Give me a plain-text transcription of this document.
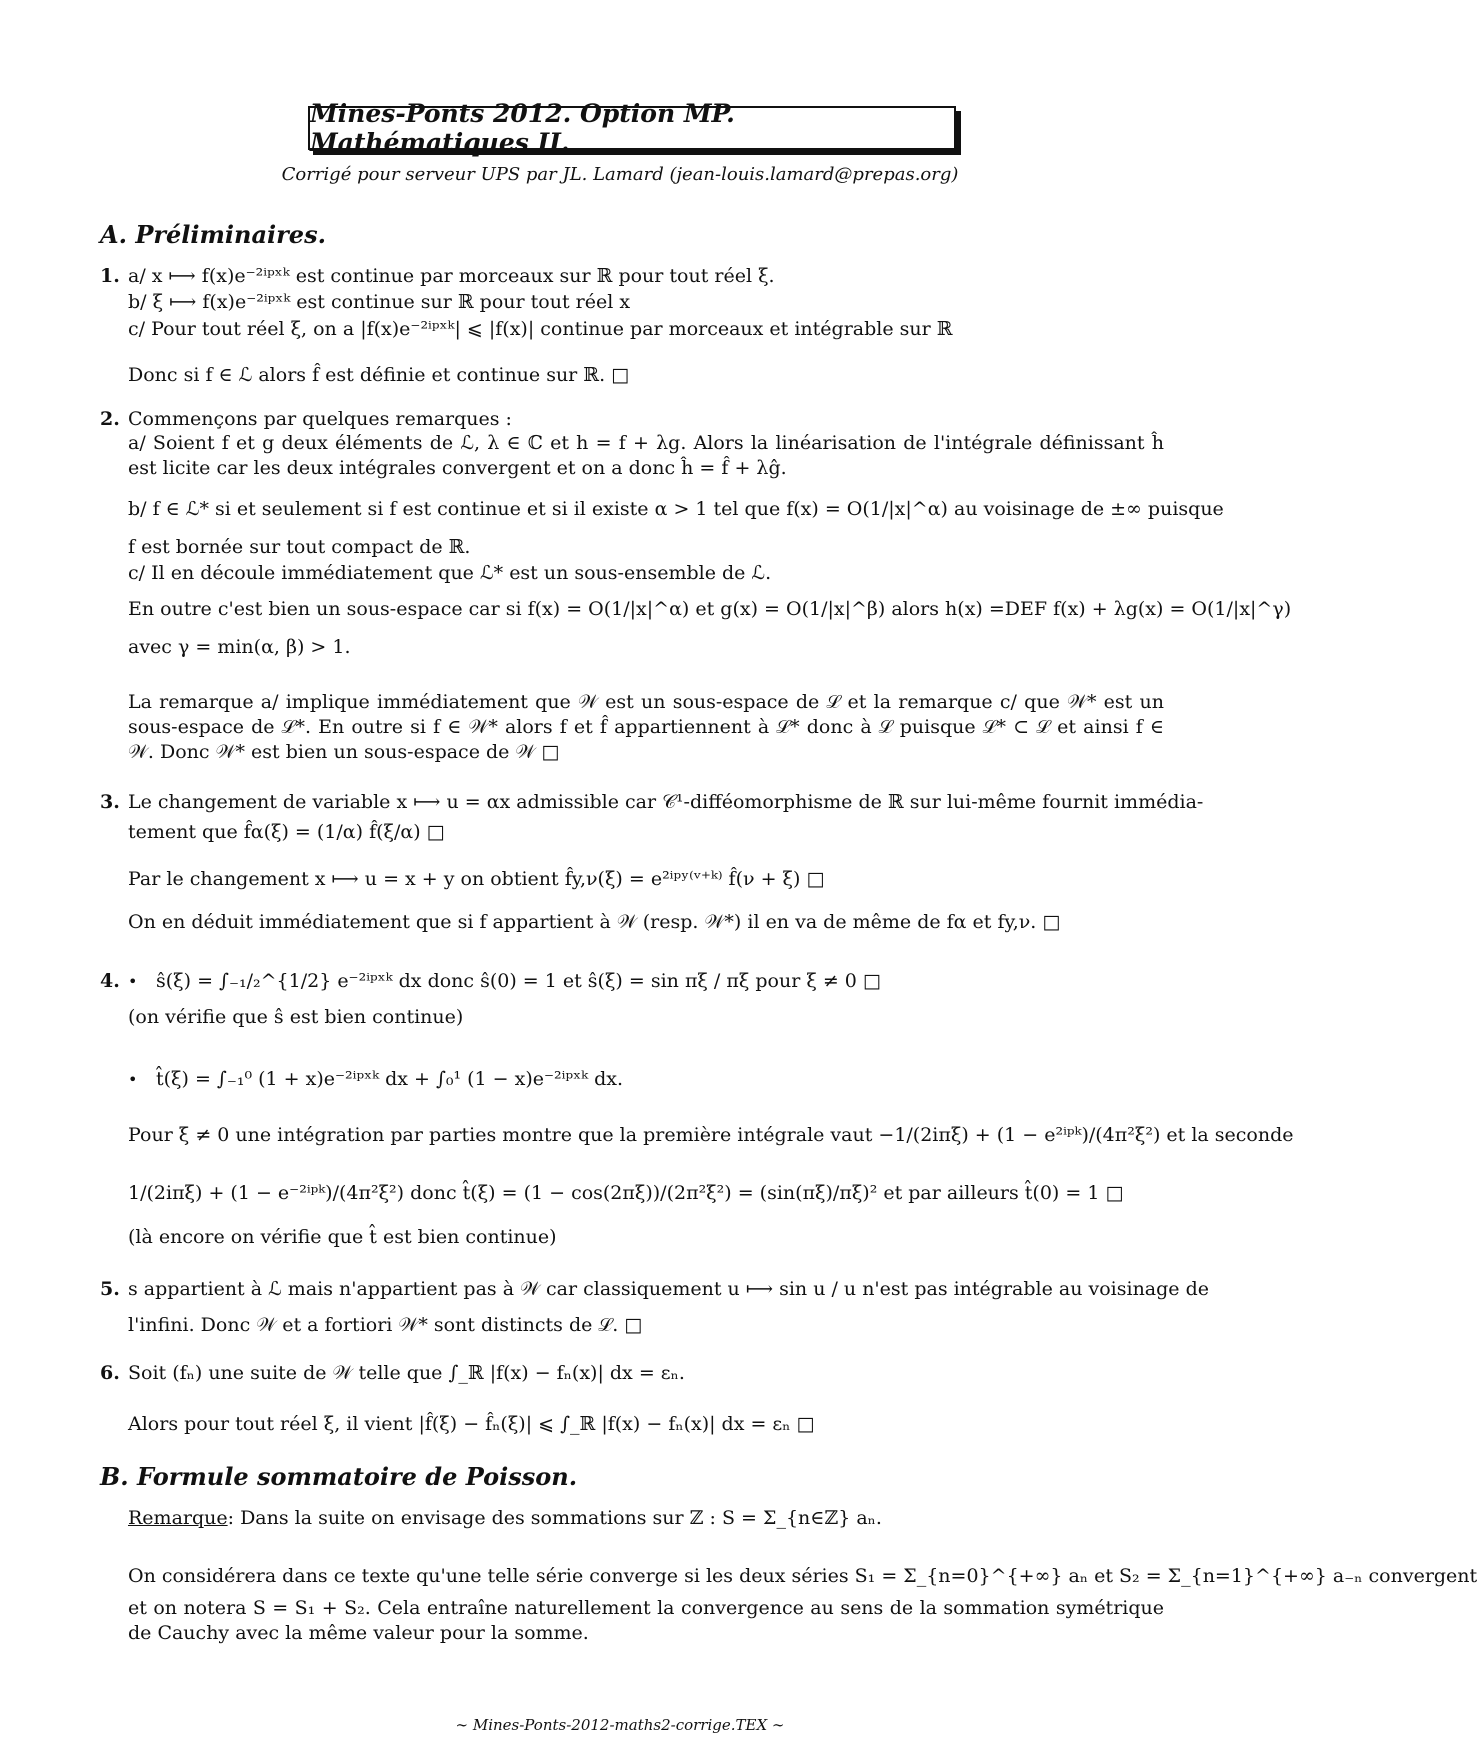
Mines-Ponts 2012. Option MP. Mathématiques II.
Corrigé pour serveur UPS par JL. Lamard (jean-louis.lamard@prepas.org)
A. Préliminaires.
1. a/ x ⟼ f(x)e⁻²ⁱᵖˣᵏ est continue par morceaux sur ℝ pour tout réel ξ.
b/ ξ ⟼ f(x)e⁻²ⁱᵖˣᵏ est continue sur ℝ pour tout réel x
c/ Pour tout réel ξ, on a |f(x)e⁻²ⁱᵖˣᵏ| ⩽ |f(x)| continue par morceaux et intégrable sur ℝ
Donc si f ∈ ℒ alors f̂ est définie et continue sur ℝ. □
2. Commençons par quelques remarques :
a/ Soient f et g deux éléments de ℒ, λ ∈ ℂ et h = f + λg. Alors la linéarisation de l'intégrale définissant ĥ est licite car les deux intégrales convergent et on a donc ĥ = f̂ + λĝ.
b/ f ∈ ℒ* si et seulement si f est continue et si il existe α > 1 tel que f(x) = O(1/|x|^α) au voisinage de ±∞ puisque
f est bornée sur tout compact de ℝ.
c/ Il en découle immédiatement que ℒ* est un sous-ensemble de ℒ.
En outre c'est bien un sous-espace car si f(x) = O(1/|x|^α) et g(x) = O(1/|x|^β) alors h(x) =DEF f(x) + λg(x) = O(1/|x|^γ)
avec γ = min(α, β) > 1.
La remarque a/ implique immédiatement que 𝒲 est un sous-espace de ℒ et la remarque c/ que 𝒲* est un sous-espace de ℒ*. En outre si f ∈ 𝒲* alors f et f̂ appartiennent à ℒ* donc à ℒ puisque ℒ* ⊂ ℒ et ainsi f ∈ 𝒲. Donc 𝒲* est bien un sous-espace de 𝒲 □
3. Le changement de variable x ⟼ u = αx admissible car 𝒞¹-difféomorphisme de ℝ sur lui-même fournit immédia-
tement que f̂α(ξ) = (1/α) f̂(ξ/α) □
Par le changement x ⟼ u = x + y on obtient f̂y,ν(ξ) = e²ⁱᵖʸ⁽ᵛ⁺ᵏ⁾ f̂(ν + ξ) □
On en déduit immédiatement que si f appartient à 𝒲 (resp. 𝒲*) il en va de même de fα et fy,ν. □
4. • ŝ(ξ) = ∫₋₁/₂^{1/2} e⁻²ⁱᵖˣᵏ dx donc ŝ(0) = 1 et ŝ(ξ) = sin πξ / πξ pour ξ ≠ 0 □
(on vérifie que ŝ est bien continue)
• t̂(ξ) = ∫₋₁⁰ (1 + x)e⁻²ⁱᵖˣᵏ dx + ∫₀¹ (1 − x)e⁻²ⁱᵖˣᵏ dx.
Pour ξ ≠ 0 une intégration par parties montre que la première intégrale vaut −1/(2iπξ) + (1 − e²ⁱᵖᵏ)/(4π²ξ²) et la seconde
1/(2iπξ) + (1 − e⁻²ⁱᵖᵏ)/(4π²ξ²) donc t̂(ξ) = (1 − cos(2πξ))/(2π²ξ²) = (sin(πξ)/πξ)² et par ailleurs t̂(0) = 1 □
(là encore on vérifie que t̂ est bien continue)
5. s appartient à ℒ mais n'appartient pas à 𝒲 car classiquement u ⟼ sin u / u n'est pas intégrable au voisinage de
l'infini. Donc 𝒲 et a fortiori 𝒲* sont distincts de ℒ. □
6. Soit (fₙ) une suite de 𝒲 telle que ∫_ℝ |f(x) − fₙ(x)| dx = εₙ.
Alors pour tout réel ξ, il vient |f̂(ξ) − f̂ₙ(ξ)| ⩽ ∫_ℝ |f(x) − fₙ(x)| dx = εₙ □
B. Formule sommatoire de Poisson.
Remarque: Dans la suite on envisage des sommations sur ℤ : S = Σ_{n∈ℤ} aₙ.
On considérera dans ce texte qu'une telle série converge si les deux séries S₁ = Σ_{n=0}^{+∞} aₙ et S₂ = Σ_{n=1}^{+∞} a₋ₙ convergent
et on notera S = S₁ + S₂. Cela entraîne naturellement la convergence au sens de la sommation symétrique de Cauchy avec la même valeur pour la somme.
∼ Mines-Ponts-2012-maths2-corrige.TEX ∼
